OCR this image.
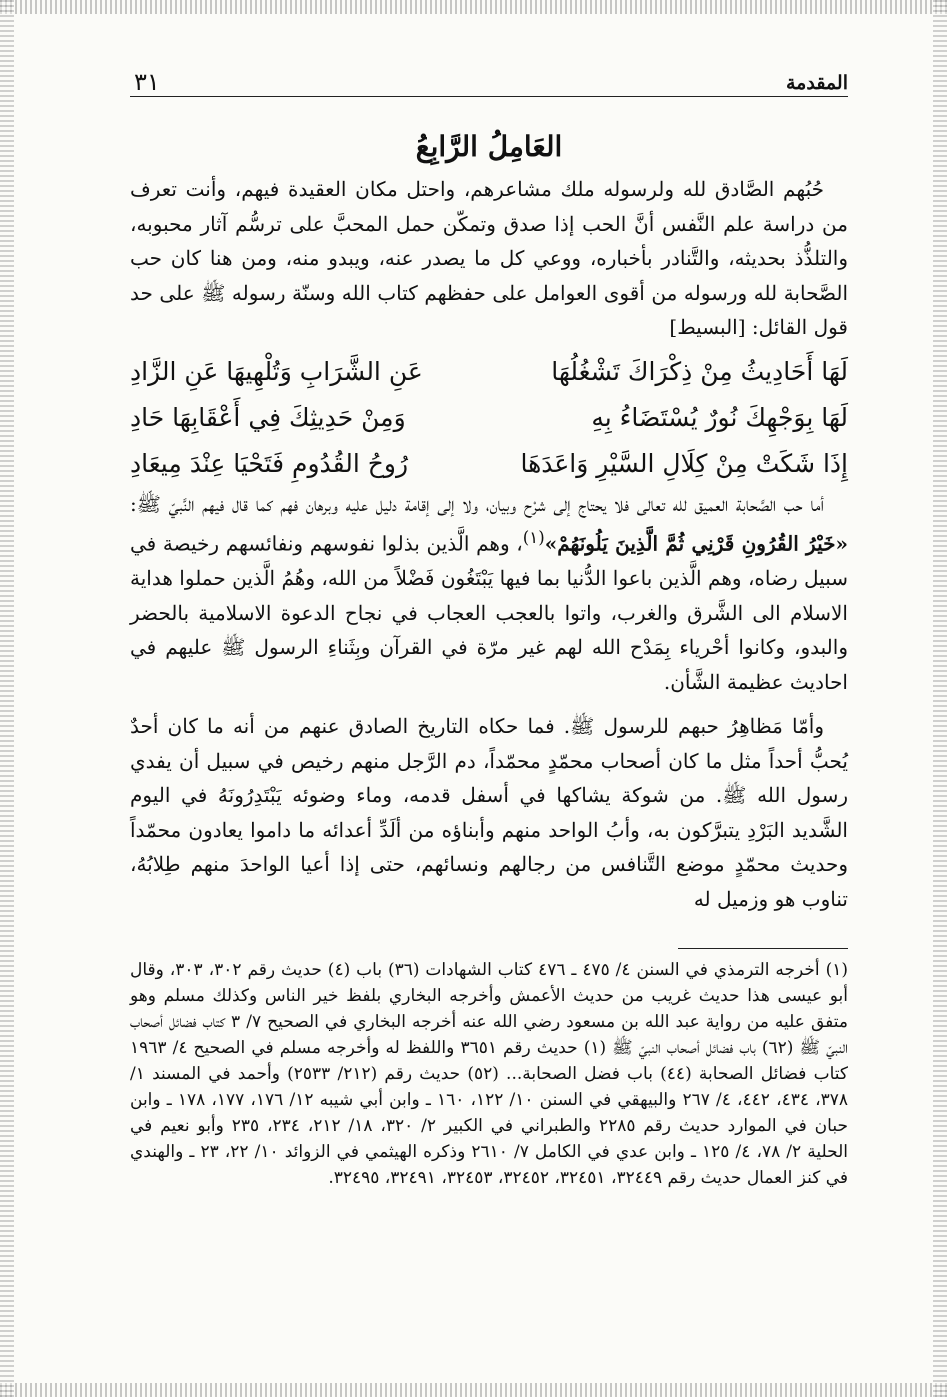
المقدمة
٣١
العَامِلُ الرَّابِعُ

حُبُهم الصَّادق لله ولرسوله ملك مشاعرهم، واحتل مكان العقيدة فيهم، وأنت تعرف من دراسة علم النَّفس أنَّ الحب إذا صدق وتمكّن حمل المحبَّ على ترسُّم آثار محبوبه، والتلذُّذ بحديثه، والتَّنادر بأخباره، ووعي كل ما يصدر عنه، ويبدو منه، ومن هنا كان حب الصَّحابة لله ورسوله من أقوى العوامل على حفظهم كتاب الله وسنّة رسوله ﷺ على حد قول القائل: [البسيط]

لَهَا أَحَادِيثُ مِنْ ذِكْرَاكَ تَشْغُلُهَا
عَنِ الشَّرَابِ وَتُلْهِيهَا عَنِ الزَّادِ
لَهَا بِوَجْهِكَ نُورٌ يُسْتَضَاءُ بِهِ
وَمِنْ حَدِيثِكَ فِي أَعْقَابِهَا حَادِ
إِذَا شَكَتْ مِنْ كِلَالِ السَّيْرِ وَاعَدَهَا
رُوحُ القُدُومِ فَتَحْيَا عِنْدَ مِيعَادِ

أما حب الصَّحابة العميق لله تعالى فلا يحتاج إلى شرْح وبيان، ولا إلى إقامة دليل عليه وبرهان فهم كما قال فيهم النَّبيّ ﷺ: «خَيْرُ القُرُونِ قَرْنِي ثُمَّ الَّذِينَ يَلُونَهُمْ»$^{(١)}$، وهم الَّذين بذلوا نفوسهم ونفائسهم رخيصة في سبيل رضاه، وهم الَّذين باعوا الدُّنيا بما فيها يَبْتَغُون فَضْلاً من الله، وهُمُ الَّذين حملوا هداية الاسلام الى الشَّرق والغرب، واتوا بالعجب العجاب في نجاح الدعوة الاسلامية بالحضر والبدو، وكانوا أحْرياء بِمَدْح الله لهم غير مرّة في القرآن وبِثَناءِ الرسول ﷺ عليهم في احاديث عظيمة الشَّأن.

وأمّا مَظاهِرُ حبهم للرسول ﷺ. فما حكاه التاريخ الصادق عنهم من أنه ما كان أحدٌ يُحبُّ أحداً مثل ما كان أصحاب محمّدٍ محمّداً، دم الرَّجل منهم رخيص في سبيل أن يفدي رسول الله ﷺ. من شوكة يشاكها في أسفل قدمه، وماء وضوئه يَبْتَدِرُونَهُ في اليوم الشَّديد البَرْدِ يتبرَّكون به، وأبُ الواحد منهم وأبناؤه من ألَدِّ أعدائه ما داموا يعادون محمّداً وحديث محمّدٍ موضع التَّنافس من رجالهم ونسائهم، حتى إذا أعيا الواحدَ منهم طِلابُهُ، تناوب هو وزميل له

(١) أخرجه الترمذي في السنن ٤/ ٤٧٥ ـ ٤٧٦ كتاب الشهادات (٣٦) باب (٤) حديث رقم ٣٠٢، ٣٠٣، وقال أبو عيسى هذا حديث غريب من حديث الأعمش وأخرجه البخاري بلفظ خير الناس وكذلك مسلم وهو متفق عليه من رواية عبد الله بن مسعود رضي الله عنه أخرجه البخاري في الصحيح ٧/ ٣ كتاب فضائل أصحاب النبيّ ﷺ (٦٢) باب فضائل أصحاب النبيّ ﷺ (١) حديث رقم ٣٦٥١ واللفظ له وأخرجه مسلم في الصحيح ٤/ ١٩٦٣ كتاب فضائل الصحابة (٤٤) باب فضل الصحابة... (٥٢) حديث رقم (٢١٢/ ٢٥٣٣) وأحمد في المسند ١/ ٣٧٨، ٤٣٤، ٤٤٢، ٤/ ٢٦٧ والبيهقي في السنن ١٠/ ١٢٢، ١٦٠ ـ وابن أبي شيبه ١٢/ ١٧٦، ١٧٧، ١٧٨ ـ وابن حبان في الموارد حديث رقم ٢٢٨٥ والطبراني في الكبير ٢/ ٣٢٠، ١٨/ ٢١٢، ٢٣٤، ٢٣٥ وأبو نعيم في الحلية ٢/ ٧٨، ٤/ ١٢٥ ـ وابن عدي في الكامل ٧/ ٢٦١٠ وذكره الهيثمي في الزوائد ١٠/ ٢٢، ٢٣ ـ والهندي في كنز العمال حديث رقم ٣٢٤٤٩، ٣٢٤٥١، ٣٢٤٥٢، ٣٢٤٥٣، ٣٢٤٩١، ٣٢٤٩٥.
